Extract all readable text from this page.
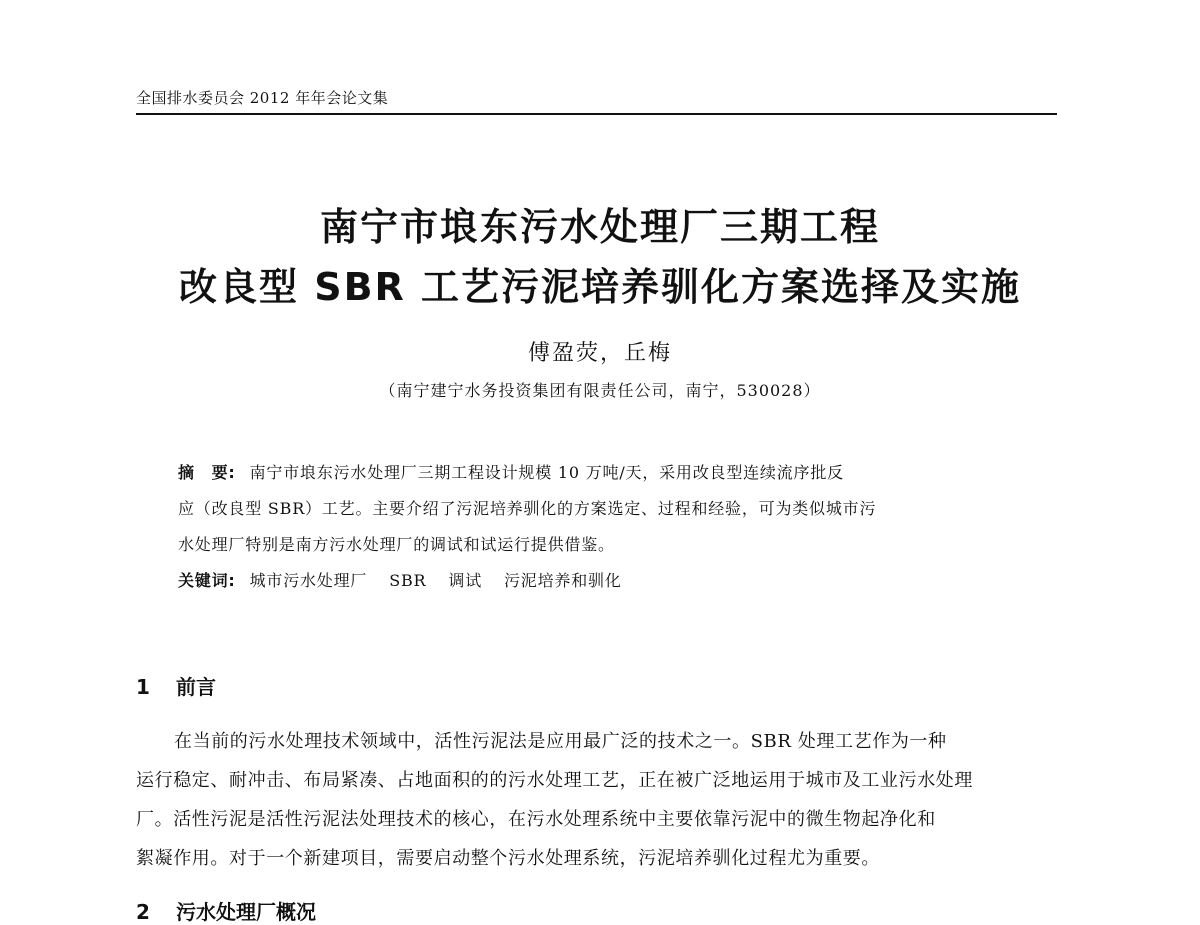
全国排水委员会 2012 年年会论文集
南宁市埌东污水处理厂三期工程
改良型 SBR 工艺污泥培养驯化方案选择及实施
傅盈荧，丘梅
（南宁建宁水务投资集团有限责任公司，南宁，530028）
摘　要: 南宁市埌东污水处理厂三期工程设计规模 10 万吨/天，采用改良型连续流序批反
应（改良型 SBR）工艺。主要介绍了污泥培养驯化的方案选定、过程和经验，可为类似城市污
水处理厂特别是南方污水处理厂的调试和试运行提供借鉴。
关键词: 城市污水处理厂 SBR 调试 污泥培养和驯化
1 前言
在当前的污水处理技术领域中，活性污泥法是应用最广泛的技术之一。SBR 处理工艺作为一种
运行稳定、耐冲击、布局紧凑、占地面积的的污水处理工艺，正在被广泛地运用于城市及工业污水处理
厂。活性污泥是活性污泥法处理技术的核心，在污水处理系统中主要依靠污泥中的微生物起净化和
絮凝作用。对于一个新建项目，需要启动整个污水处理系统，污泥培养驯化过程尤为重要。
2 污水处理厂概况
